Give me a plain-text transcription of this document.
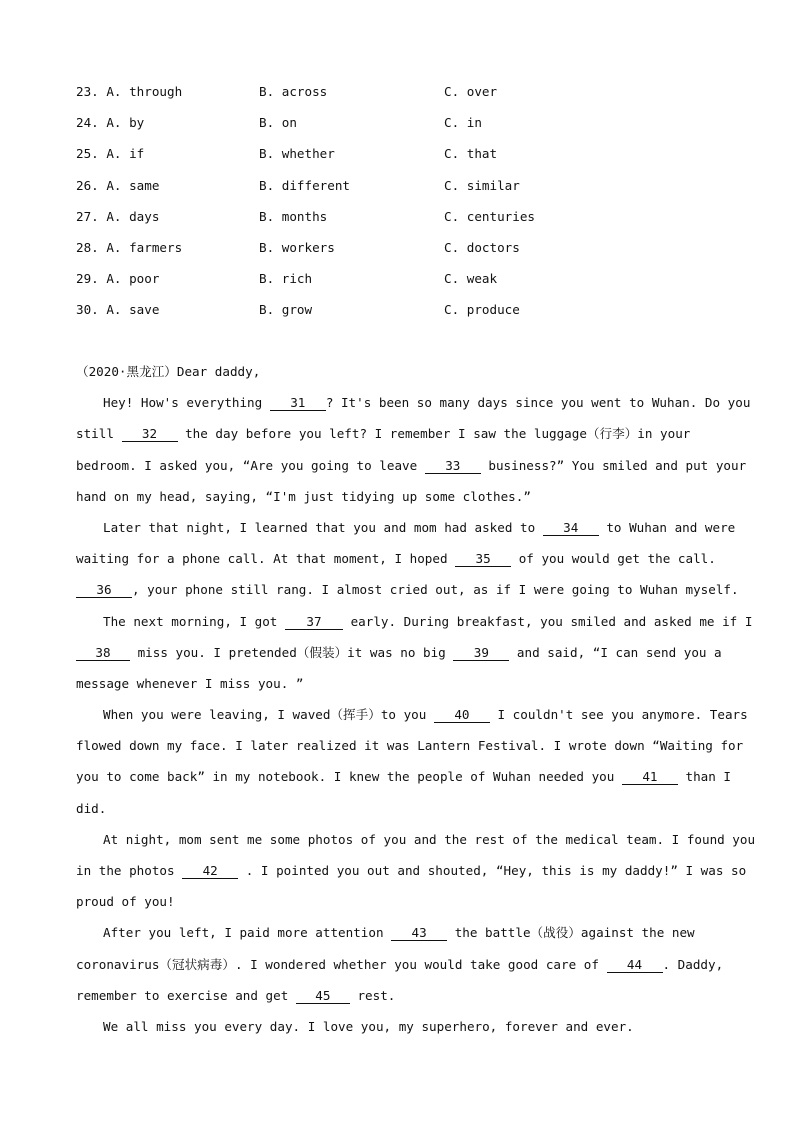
23. A. through	B. across	C. over
24. A. by	B. on	C. in
25. A. if	B. whether	C. that
26. A. same	B. different	C. similar
27. A. days	B. months	C. centuries
28. A. farmers	B. workers	C. doctors
29. A. poor	B. rich	C. weak
30. A. save	B. grow	C. produce
（2020·黑龙江）Dear daddy,
Hey! How's everything 31 ? It's been so many days since you went to Wuhan. Do you
still 32 the day before you left? I remember I saw the luggage（行李）in your
bedroom. I asked you, “Are you going to leave 33 business?” You smiled and put your
hand on my head, saying, “I'm just tidying up some clothes.”
Later that night, I learned that you and mom had asked to 34 to Wuhan and were
waiting for a phone call. At that moment, I hoped 35 of you would get the call.
36 , your phone still rang. I almost cried out, as if I were going to Wuhan myself.
The next morning, I got 37 early. During breakfast, you smiled and asked me if I
38 miss you. I pretended（假装）it was no big 39 and said, “I can send you a
message whenever I miss you. ”
When you were leaving, I waved（挥手）to you 40 I couldn't see you anymore. Tears
flowed down my face. I later realized it was Lantern Festival. I wrote down “Waiting for
you to come back” in my notebook. I knew the people of Wuhan needed you 41 than I
did.
At night, mom sent me some photos of you and the rest of the medical team. I found you
in the photos 42 . I pointed you out and shouted, “Hey, this is my daddy!” I was so
proud of you!
After you left, I paid more attention 43 the battle（战役）against the new
coronavirus（冠状病毒）. I wondered whether you would take good care of 44 . Daddy,
remember to exercise and get 45 rest.
We all miss you every day. I love you, my superhero, forever and ever.
